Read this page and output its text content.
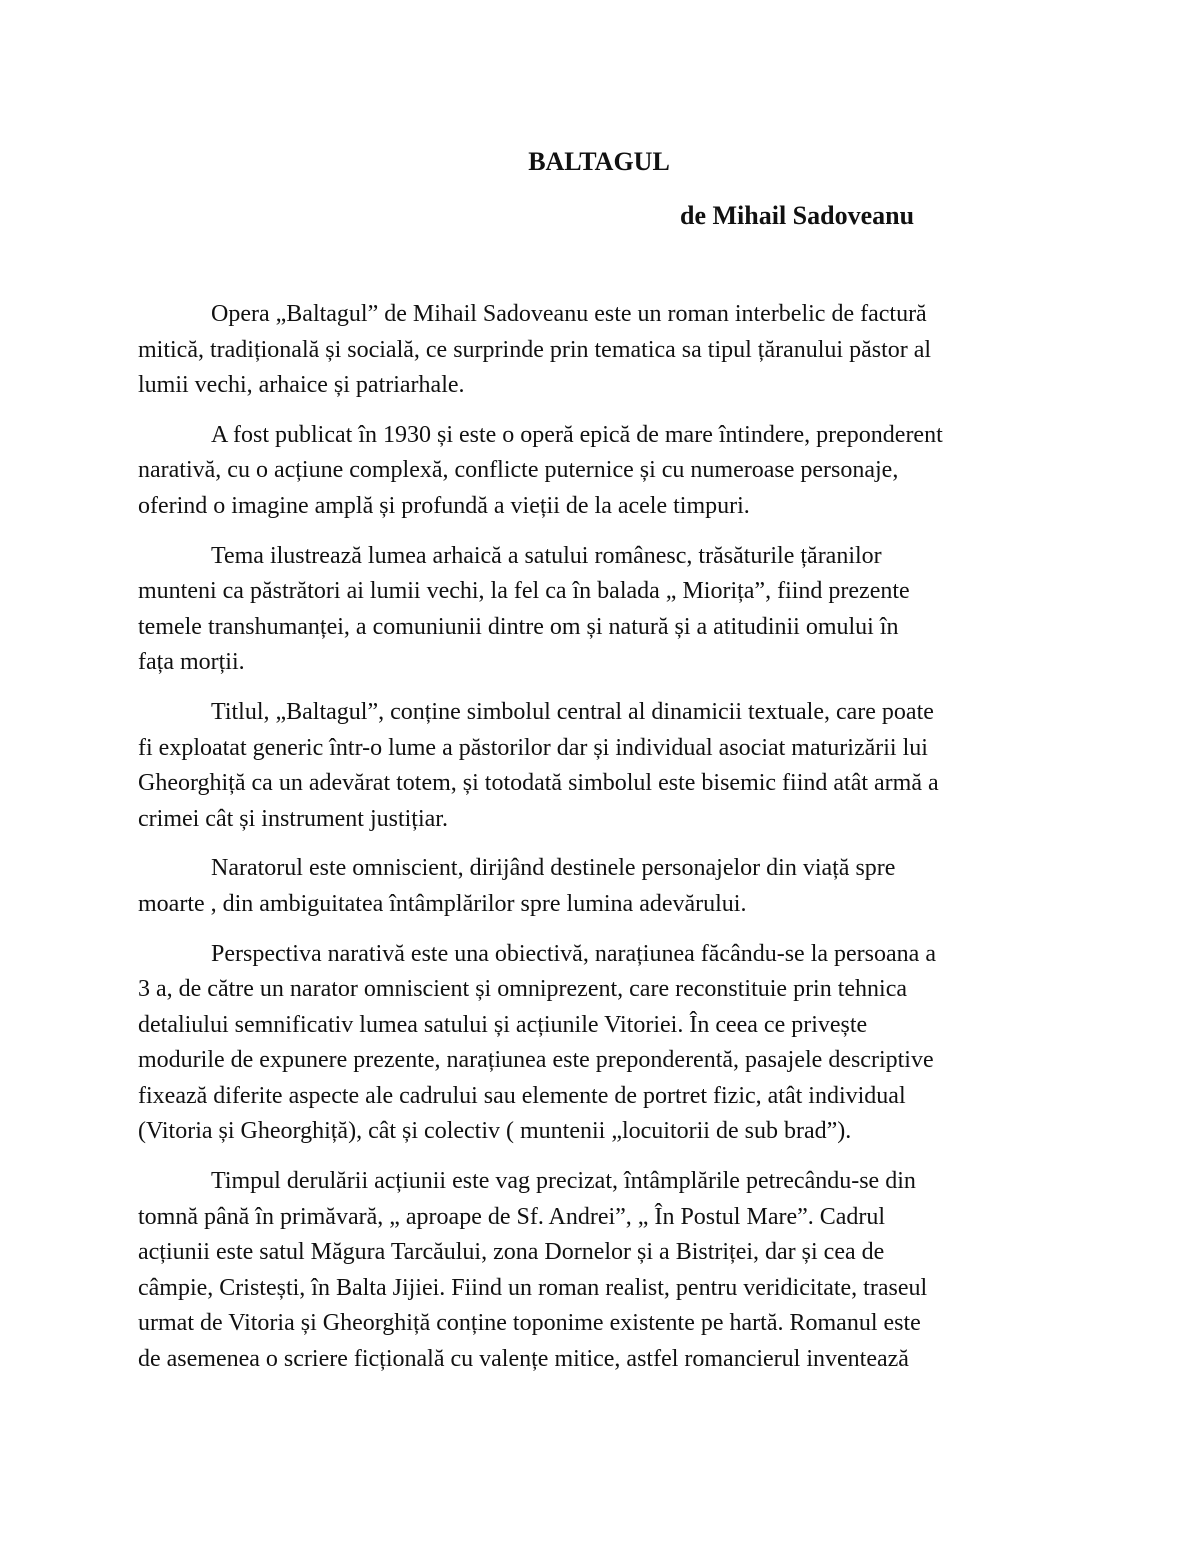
BALTAGUL
de Mihail Sadoveanu

Opera „Baltagul” de Mihail Sadoveanu este un roman interbelic de factură
mitică, tradițională și socială, ce surprinde prin tematica sa tipul țăranului păstor al
lumii vechi, arhaice și patriarhale.

A fost publicat în 1930 și este o operă epică de mare întindere, preponderent
narativă, cu o acțiune complexă, conflicte puternice și cu numeroase personaje,
oferind o imagine amplă și profundă a vieții de la acele timpuri.

Tema ilustrează lumea arhaică a satului românesc, trăsăturile țăranilor
munteni ca păstrători ai lumii vechi, la fel ca în balada „ Miorița”, fiind prezente
temele transhumanței, a comuniunii dintre om și natură și a atitudinii omului în
fața morții.

Titlul, „Baltagul”, conține simbolul central al dinamicii textuale, care poate
fi exploatat generic într-o lume a păstorilor dar și individual asociat maturizării lui
Gheorghiță ca un adevărat totem, și totodată simbolul este bisemic fiind atât armă a
crimei cât și instrument justițiar.

Naratorul este omniscient, dirijând destinele personajelor din viață spre
moarte , din ambiguitatea întâmplărilor spre lumina adevărului.

Perspectiva narativă este una obiectivă, narațiunea făcându-se la persoana a
3 a, de către un narator omniscient și omniprezent, care reconstituie prin tehnica
detaliului semnificativ lumea satului și acțiunile Vitoriei. În ceea ce privește
modurile de expunere prezente, narațiunea este preponderentă, pasajele descriptive
fixează diferite aspecte ale cadrului sau elemente de portret fizic, atât individual
(Vitoria și Gheorghiță), cât și colectiv ( muntenii „locuitorii de sub brad”).

Timpul derulării acțiunii este vag precizat, întâmplările petrecându-se din
tomnă până în primăvară, „ aproape de Sf. Andrei”, „ În Postul Mare”. Cadrul
acțiunii este satul Măgura Tarcăului, zona Dornelor și a Bistriței, dar și cea de
câmpie, Cristești, în Balta Jijiei. Fiind un roman realist, pentru veridicitate, traseul
urmat de Vitoria și Gheorghiță conține toponime existente pe hartă. Romanul este
de asemenea o scriere ficțională cu valențe mitice, astfel romancierul inventează
